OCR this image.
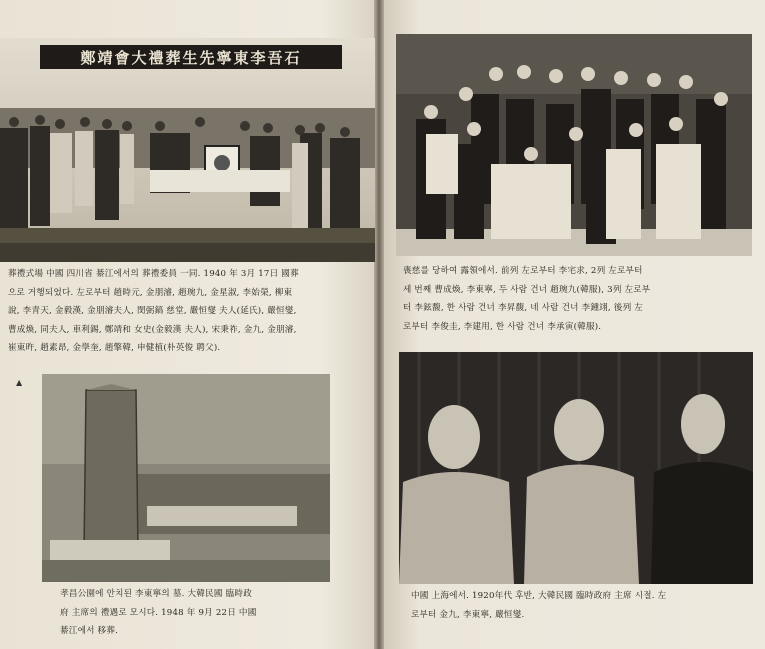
鄭靖會大禮葬生先寧東李吾石
葬禮式場 中國 四川省 綦江에서의 葬禮委員 一同. 1940 年 3月 17日 國葬
으로 거행되었다. 左로부터 趙時元, 金朋濬, 趙琬九, 金星淑, 李始榮, 柳東
說, 李青天, 金毅漢, 金朋濬夫人, 閔弼鎬 慈堂, 嚴恒燮 夫人(延氏), 嚴恒燮,
曹成煥, 同夫人, 車利錫, 鄭靖和 女史(金毅漢 夫人), 宋秉祚, 金九, 金朋濬,
崔東旿, 趙素昂, 金學奎, 趙擎韓, 申健植(朴英俊 聘父).
▲
孝昌公園에 안치된 李東寧의 墓. 大韓民國 臨時政
府 主席의 禮遇로 모시다. 1948 年 9月 22日 中國
綦江에서 移葬.
喪慈를 당하여 露領에서. 前列 左로부터 李宅求, 2列 左로부터
세 번째 曹成煥, 李東寧, 두 사람 건너 趙琬九(韓服), 3列 左로부
터 李鉉馥, 한 사람 건너 李昇馥, 네 사람 건너 李鍾翊, 後列 左
로부터 李俊圭, 李建用, 한 사람 건너 李承寅(韓服).
中國 上海에서. 1920年代 후반, 大韓民國 臨時政府 主席 시절. 左
로부터 金九, 李東寧, 嚴恒燮.
